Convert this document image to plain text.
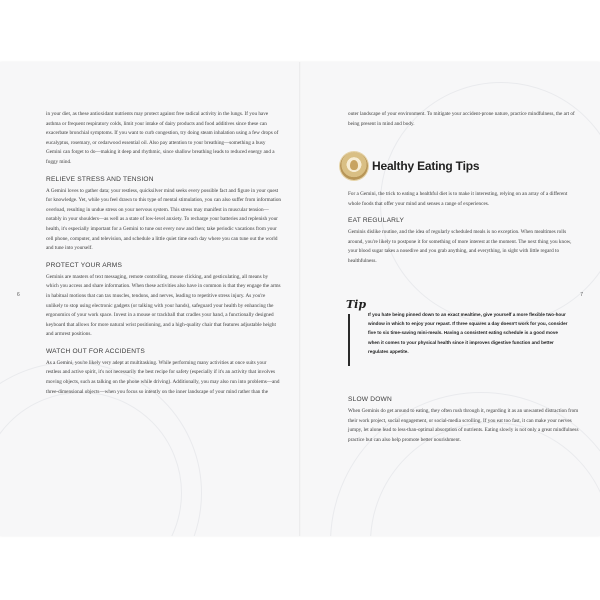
6

in your diet, as these antioxidant nutrients may protect against free radical activity in the lungs. If you have asthma or frequent respiratory colds, limit your intake of dairy products and food additives since these can exacerbate bronchial symptoms. If you want to curb congestion, try doing steam inhalation using a few drops of eucalyptus, rosemary, or cedarwood essential oil. Also pay attention to your breathing—something a busy Gemini can forget to do—making it deep and rhythmic, since shallow breathing leads to reduced energy and a foggy mind.

RELIEVE STRESS AND TENSION

A Gemini loves to gather data; your restless, quicksilver mind seeks every possible fact and figure in your quest for knowledge. Yet, while you feel drawn to this type of mental stimulation, you can also suffer from information overload, resulting in undue stress on your nervous system. This stress may manifest in muscular tension—notably in your shoulders—as well as a state of low-level anxiety. To recharge your batteries and replenish your health, it's especially important for a Gemini to tune out every now and then; take periodic vacations from your cell phone, computer, and television, and schedule a little quiet time each day where you can tune out the world and tune into yourself.

PROTECT YOUR ARMS

Geminis are masters of text messaging, remote controlling, mouse clicking, and gesticulating, all means by which you access and share information. When these activities also have in common is that they engage the arms in habitual motions that can tax muscles, tendons, and nerves, leading to repetitive stress injury. As you're unlikely to stop using electronic gadgets (or talking with your hands), safeguard your health by enhancing the ergonomics of your work space. Invest in a mouse or trackball that cradles your hand, a functionally designed keyboard that allows for more natural wrist positioning, and a high-quality chair that features adjustable height and armrest positions.

WATCH OUT FOR ACCIDENTS

As a Gemini, you're likely very adept at multitasking. While performing many activities at once suits your restless and active spirit, it's not necessarily the best recipe for safety (especially if it's an activity that involves moving objects, such as talking on the phone while driving). Additionally, you may also run into problems—and three-dimensional objects—when you focus so intently on the inner landscape of your mind rather than the

7

outer landscape of your environment. To mitigate your accident-prone nature, practice mindfulness, the art of being present in mind and body.

Healthy Eating Tips

For a Gemini, the trick to eating a healthful diet is to make it interesting, relying on an array of a different whole foods that offer your mind and senses a range of experiences.

EAT REGULARLY

Geminis dislike routine, and the idea of regularly scheduled meals is no exception. When mealtimes rolls around, you're likely to postpone it for something of more interest at the moment. The next thing you know, your blood sugar takes a nosedive and you grab anything, and everything, in sight with little regard to healthfulness.

Tip
If you hate being pinned down to an exact mealtime, give yourself a more flexible two-hour window in which to enjoy your repast. If three squares a day doesn't work for you, consider five to six time-saving mini-meals. Having a consistent eating schedule is a good move when it comes to your physical health since it improves digestive function and better regulates appetite.
SLOW DOWN

When Geminis do get around to eating, they often rush through it, regarding it as an unwanted distraction from their work project, social engagement, or social-media scrolling. If you eat too fast, it can make your nerves jumpy, let alone lead to less-than-optimal absorption of nutrients. Eating slowly is not only a great mindfulness practice but can also help promote better nourishment.
